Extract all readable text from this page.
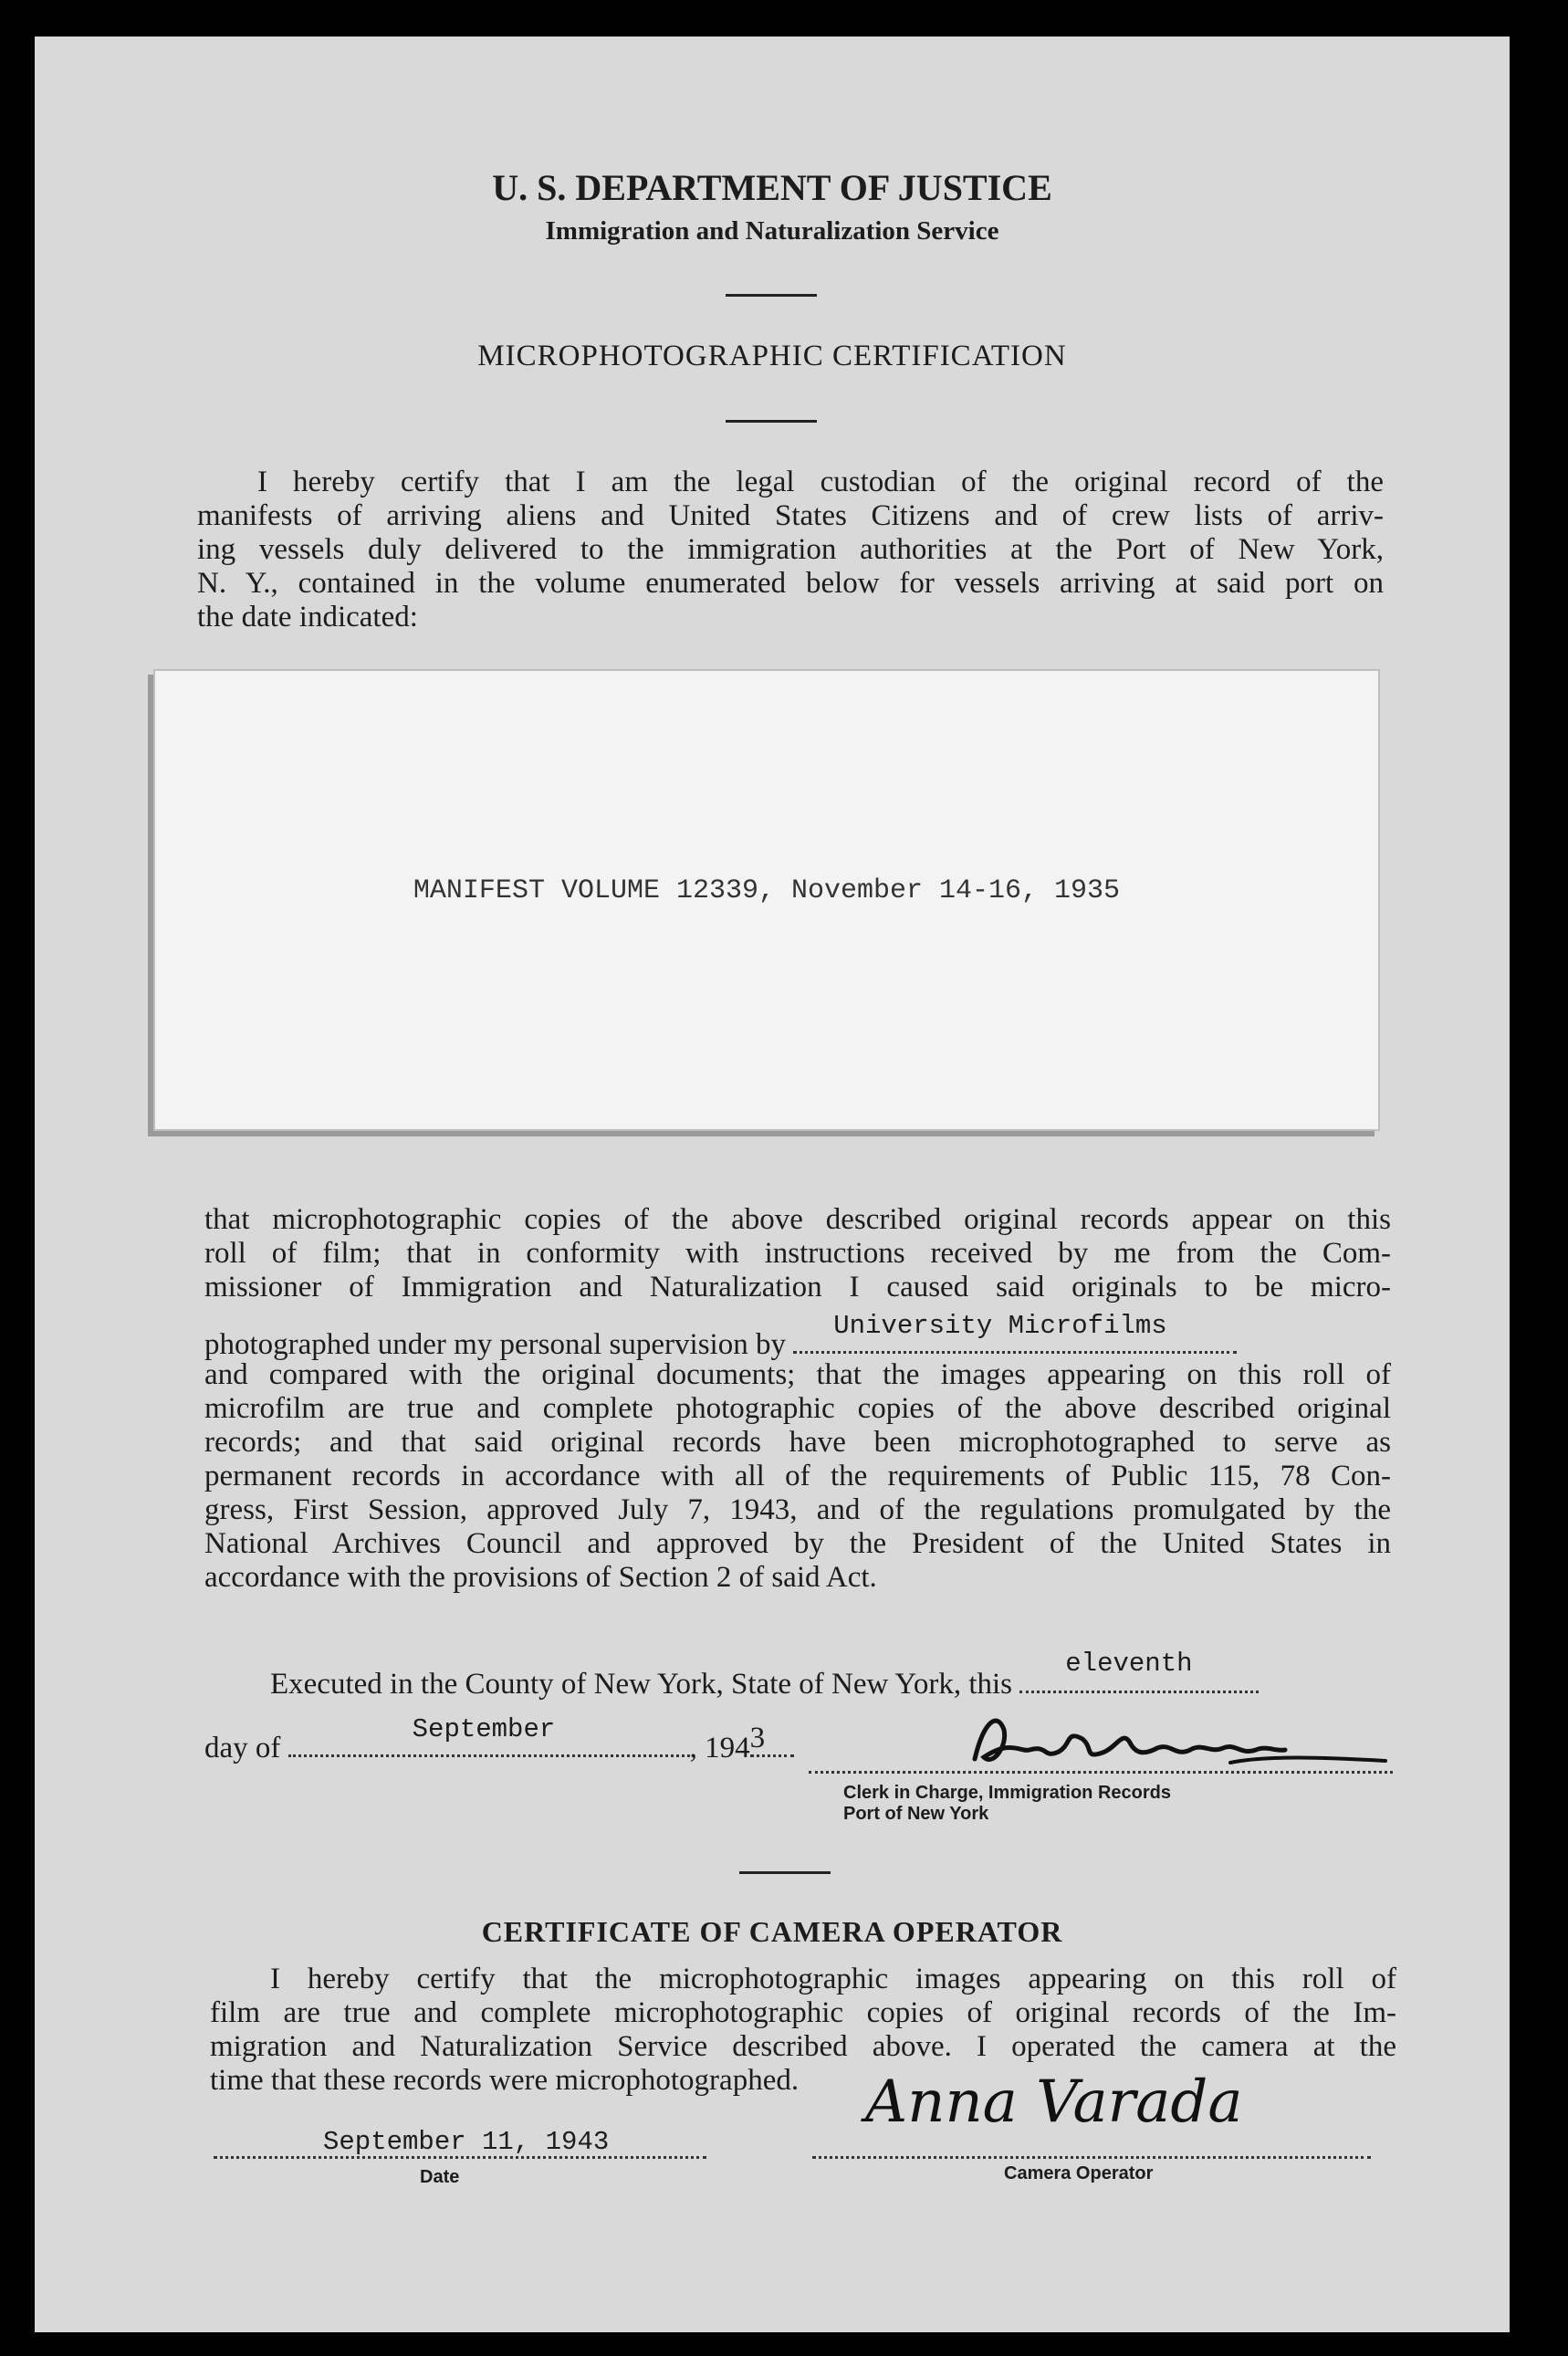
U. S. DEPARTMENT OF JUSTICE
Immigration and Naturalization Service
MICROPHOTOGRAPHIC CERTIFICATION
I hereby certify that I am the legal custodian of the original record of the
manifests of arriving aliens and United States Citizens and of crew lists of arriv-
ing vessels duly delivered to the immigration authorities at the Port of New York,
N. Y., contained in the volume enumerated below for vessels arriving at said port on
the date indicated:
MANIFEST VOLUME 12339, November 14-16, 1935
that microphotographic copies of the above described original records appear on this
roll of film; that in conformity with instructions received by me from the Com-
missioner of Immigration and Naturalization I caused said originals to be micro-
photographed under my personal supervision by
University Microfilms
and compared with the original documents; that the images appearing on this roll of
microfilm are true and complete photographic copies of the above described original
records; and that said original records have been microphotographed to serve as
permanent records in accordance with all of the requirements of Public 115, 78 Con-
gress, First Session, approved July 7, 1943, and of the regulations promulgated by the
National Archives Council and approved by the President of the United States in
accordance with the provisions of Section 2 of said Act.
Executed in the County of New York, State of New York, this
eleventh
day of
September
, 194 3
Clerk in Charge, Immigration Records
Port of New York
CERTIFICATE OF CAMERA OPERATOR
I hereby certify that the microphotographic images appearing on this roll of
film are true and complete microphotographic copies of original records of the Im-
migration and Naturalization Service described above. I operated the camera at the
time that these records were microphotographed.
September 11, 1943
Date
Anna Varada
Camera Operator
